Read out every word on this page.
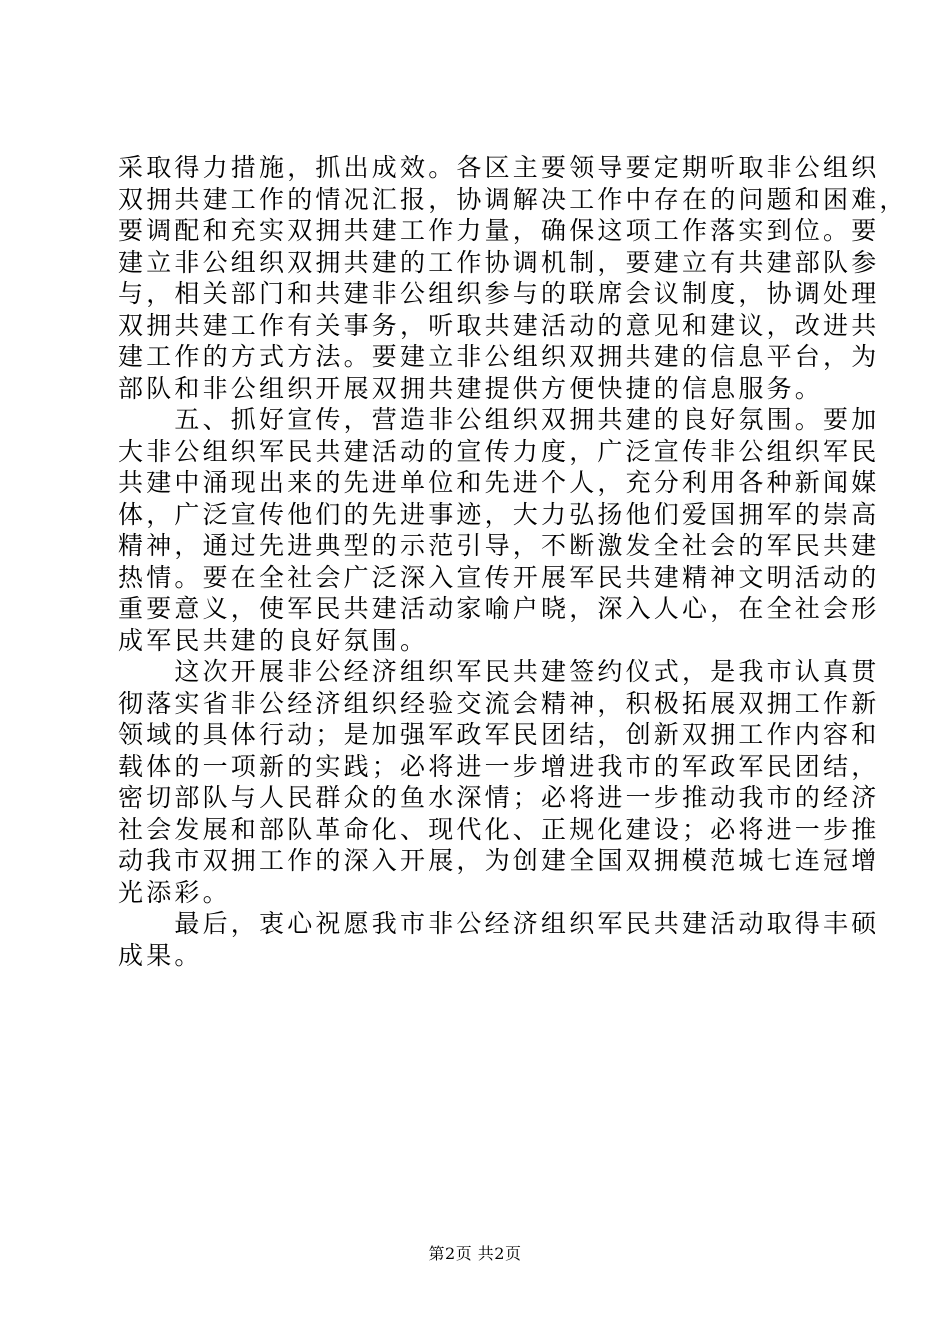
采取得力措施，抓出成效。各区主要领导要定期听取非公组织
双拥共建工作的情况汇报，协调解决工作中存在的问题和困难，
要调配和充实双拥共建工作力量，确保这项工作落实到位。要
建立非公组织双拥共建的工作协调机制，要建立有共建部队参
与，相关部门和共建非公组织参与的联席会议制度，协调处理
双拥共建工作有关事务，听取共建活动的意见和建议，改进共
建工作的方式方法。要建立非公组织双拥共建的信息平台，为
部队和非公组织开展双拥共建提供方便快捷的信息服务。
　　五、抓好宣传，营造非公组织双拥共建的良好氛围。要加
大非公组织军民共建活动的宣传力度，广泛宣传非公组织军民
共建中涌现出来的先进单位和先进个人，充分利用各种新闻媒
体，广泛宣传他们的先进事迹，大力弘扬他们爱国拥军的崇高
精神，通过先进典型的示范引导，不断激发全社会的军民共建
热情。要在全社会广泛深入宣传开展军民共建精神文明活动的
重要意义，使军民共建活动家喻户晓，深入人心，在全社会形
成军民共建的良好氛围。
　　这次开展非公经济组织军民共建签约仪式，是我市认真贯
彻落实省非公经济组织经验交流会精神，积极拓展双拥工作新
领域的具体行动；是加强军政军民团结，创新双拥工作内容和
载体的一项新的实践；必将进一步增进我市的军政军民团结，
密切部队与人民群众的鱼水深情；必将进一步推动我市的经济
社会发展和部队革命化、现代化、正规化建设；必将进一步推
动我市双拥工作的深入开展，为创建全国双拥模范城七连冠增
光添彩。
　　最后，衷心祝愿我市非公经济组织军民共建活动取得丰硕
成果。
第2页 共2页
